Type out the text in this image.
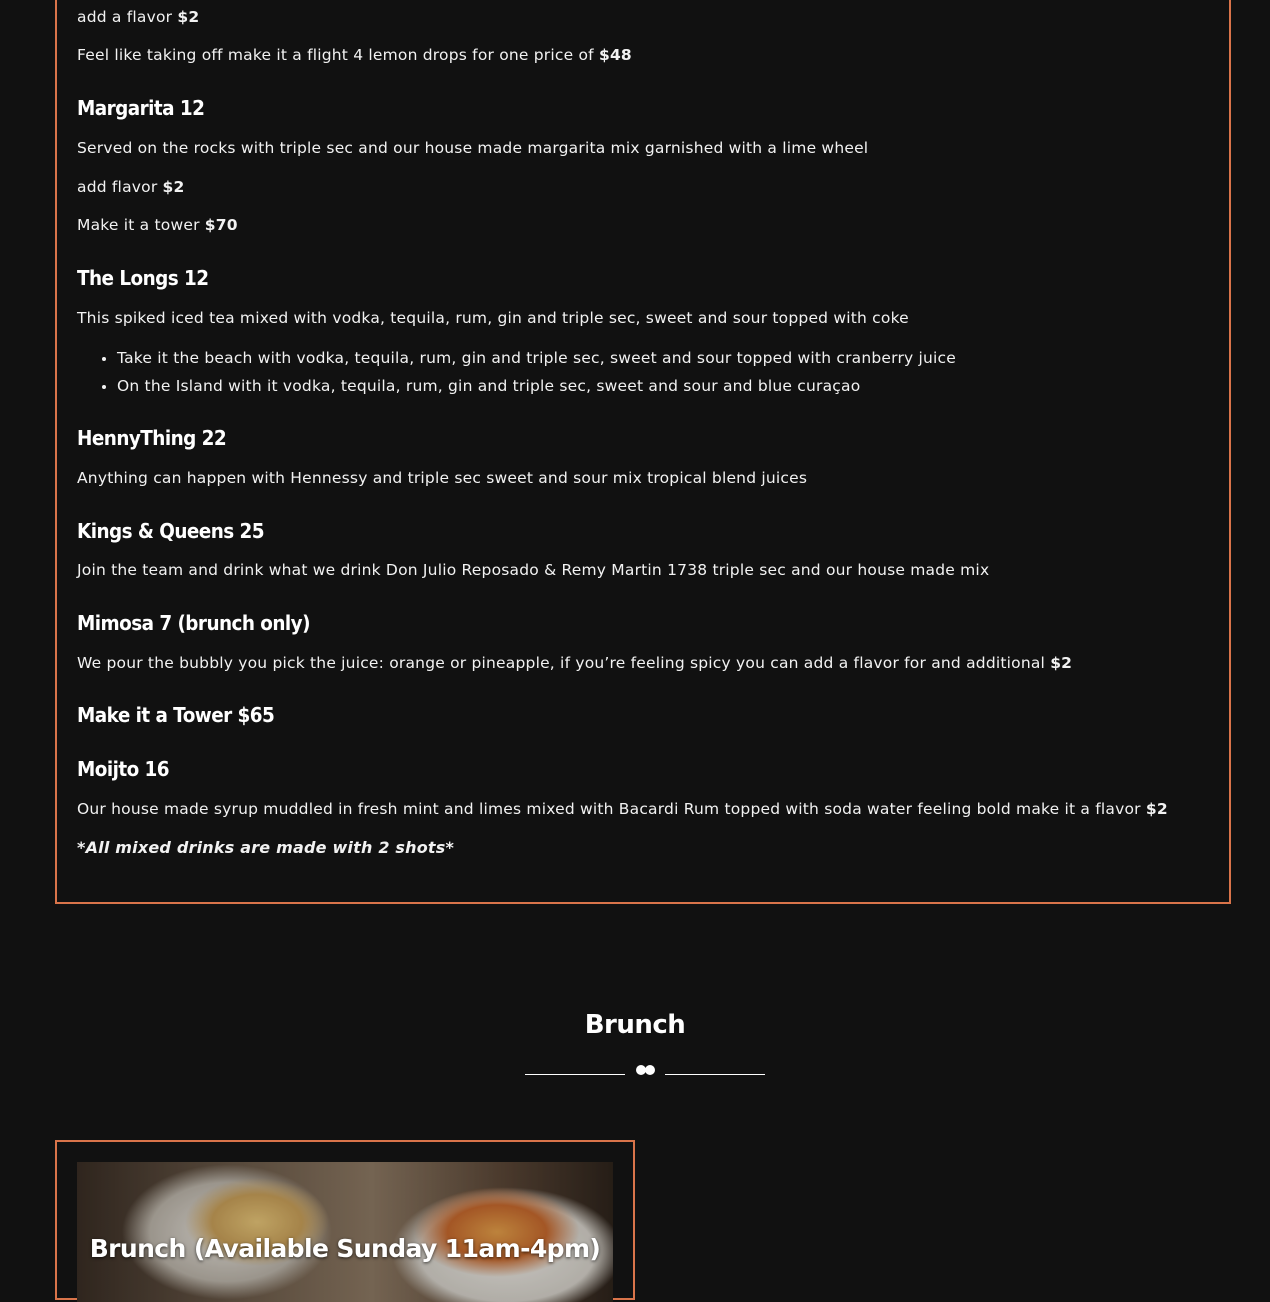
add a flavor $2

Feel like taking off make it a flight 4 lemon drops for one price of $48

Margarita 12

Served on the rocks with triple sec and our house made margarita mix garnished with a lime wheel

add flavor $2

Make it a tower $70

The Longs 12

This spiked iced tea mixed with vodka, tequila, rum, gin and triple sec, sweet and sour topped with coke

Take it the beach with vodka, tequila, rum, gin and triple sec, sweet and sour topped with cranberry juice
On the Island with it vodka, tequila, rum, gin and triple sec, sweet and sour and blue curaçao
HennyThing 22

Anything can happen with Hennessy and triple sec sweet and sour mix tropical blend juices

Kings & Queens 25

Join the team and drink what we drink Don Julio Reposado & Remy Martin 1738 triple sec and our house made mix

Mimosa 7 (brunch only)

We pour the bubbly you pick the juice: orange or pineapple, if you’re feeling spicy you can add a flavor for and additional $2

Make it a Tower $65
Moijto 16

Our house made syrup muddled in fresh mint and limes mixed with Bacardi Rum topped with soda water feeling bold make it a flavor $2

*All mixed drinks are made with 2 shots*

Brunch
Brunch (Available Sunday 11am-4pm)
